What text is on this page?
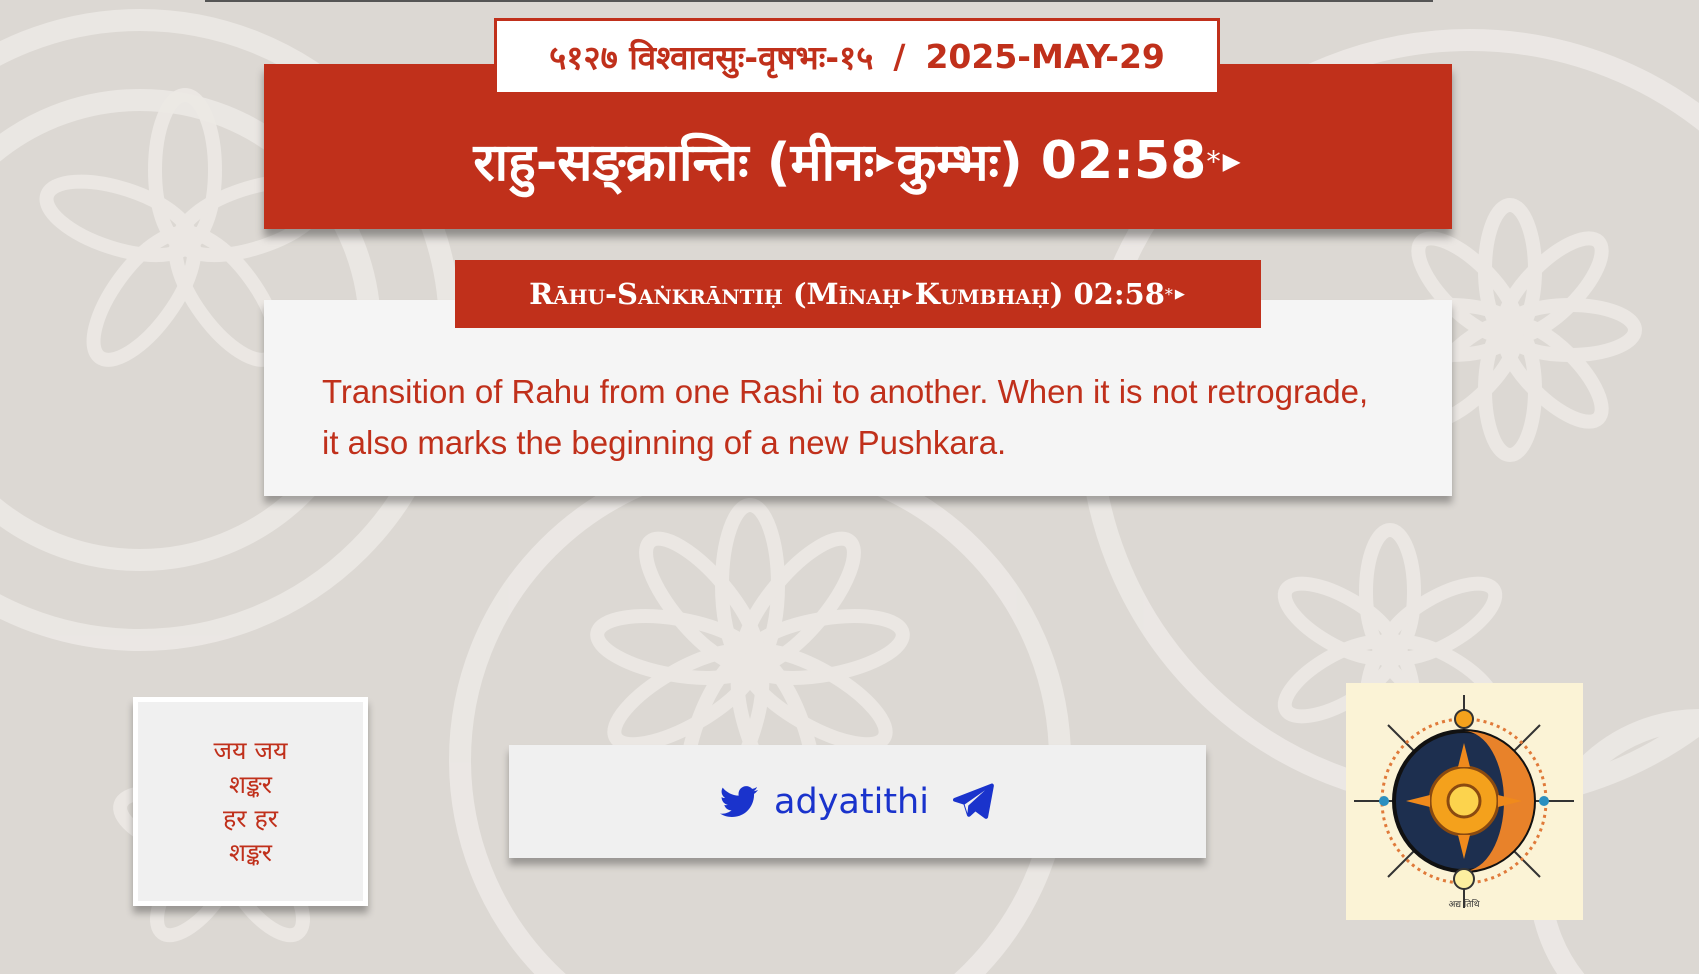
५१२७ विश्वावसुः-वृषभः-१५ / 2025-MAY-29
राहु-सङ्क्रान्तिः (मीनः ▶ कुम्भः) 02:58 * ▶

Transition of Rahu from one Rashi to another. When it is not retrograde,

it also marks the beginning of a new Pushkara.

Rāhu-Saṅkrāntiḥ (Mīnaḥ ▶ Kumbhaḥ) 02:58 * ▶
जय जय
शङ्कर
हर हर
शङ्कर
adyatithi
अद्य तिथि
